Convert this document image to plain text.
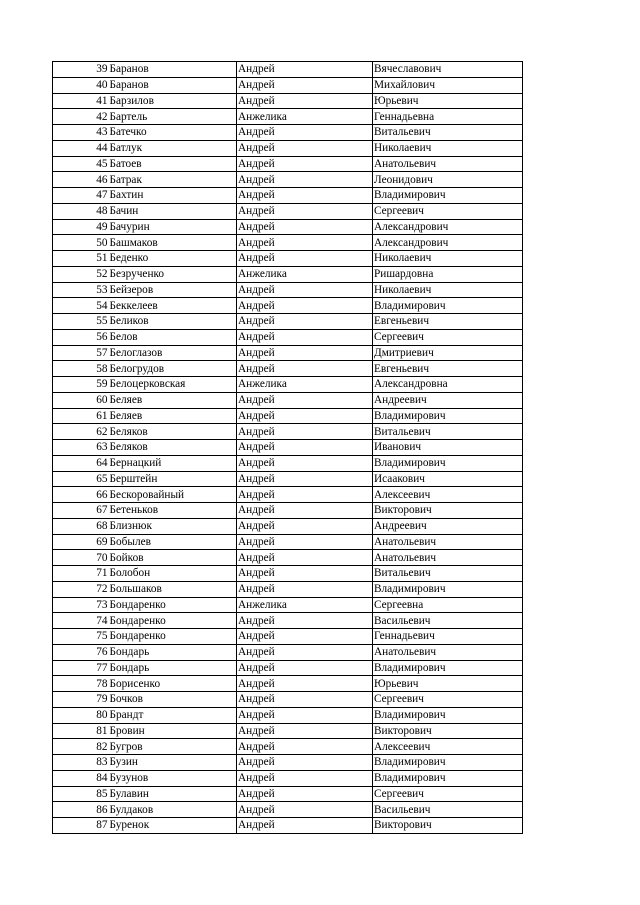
39	Баранов	Андрей	Вячеславович
40	Баранов	Андрей	Михайлович
41	Барзилов	Андрей	Юрьевич
42	Бартель	Анжелика	Геннадьевна
43	Батечко	Андрей	Витальевич
44	Батлук	Андрей	Николаевич
45	Батоев	Андрей	Анатольевич
46	Батрак	Андрей	Леонидович
47	Бахтин	Андрей	Владимирович
48	Бачин	Андрей	Сергеевич
49	Бачурин	Андрей	Александрович
50	Башмаков	Андрей	Александрович
51	Беденко	Андрей	Николаевич
52	Безрученко	Анжелика	Ришардовна
53	Бейзеров	Андрей	Николаевич
54	Беккелеев	Андрей	Владимирович
55	Беликов	Андрей	Евгеньевич
56	Белов	Андрей	Сергеевич
57	Белоглазов	Андрей	Дмитриевич
58	Белогрудов	Андрей	Евгеньевич
59	Белоцерковская	Анжелика	Александровна
60	Беляев	Андрей	Андреевич
61	Беляев	Андрей	Владимирович
62	Беляков	Андрей	Витальевич
63	Беляков	Андрей	Иванович
64	Бернацкий	Андрей	Владимирович
65	Берштейн	Андрей	Исаакович
66	Бескоровайный	Андрей	Алексеевич
67	Бетеньков	Андрей	Викторович
68	Близнюк	Андрей	Андреевич
69	Бобылев	Андрей	Анатольевич
70	Бойков	Андрей	Анатольевич
71	Болобон	Андрей	Витальевич
72	Большаков	Андрей	Владимирович
73	Бондаренко	Анжелика	Сергеевна
74	Бондаренко	Андрей	Васильевич
75	Бондаренко	Андрей	Геннадьевич
76	Бондарь	Андрей	Анатольевич
77	Бондарь	Андрей	Владимирович
78	Борисенко	Андрей	Юрьевич
79	Бочков	Андрей	Сергеевич
80	Брандт	Андрей	Владимирович
81	Бровин	Андрей	Викторович
82	Бугров	Андрей	Алексеевич
83	Бузин	Андрей	Владимирович
84	Бузунов	Андрей	Владимирович
85	Булавин	Андрей	Сергеевич
86	Булдаков	Андрей	Васильевич
87	Буренок	Андрей	Викторович
